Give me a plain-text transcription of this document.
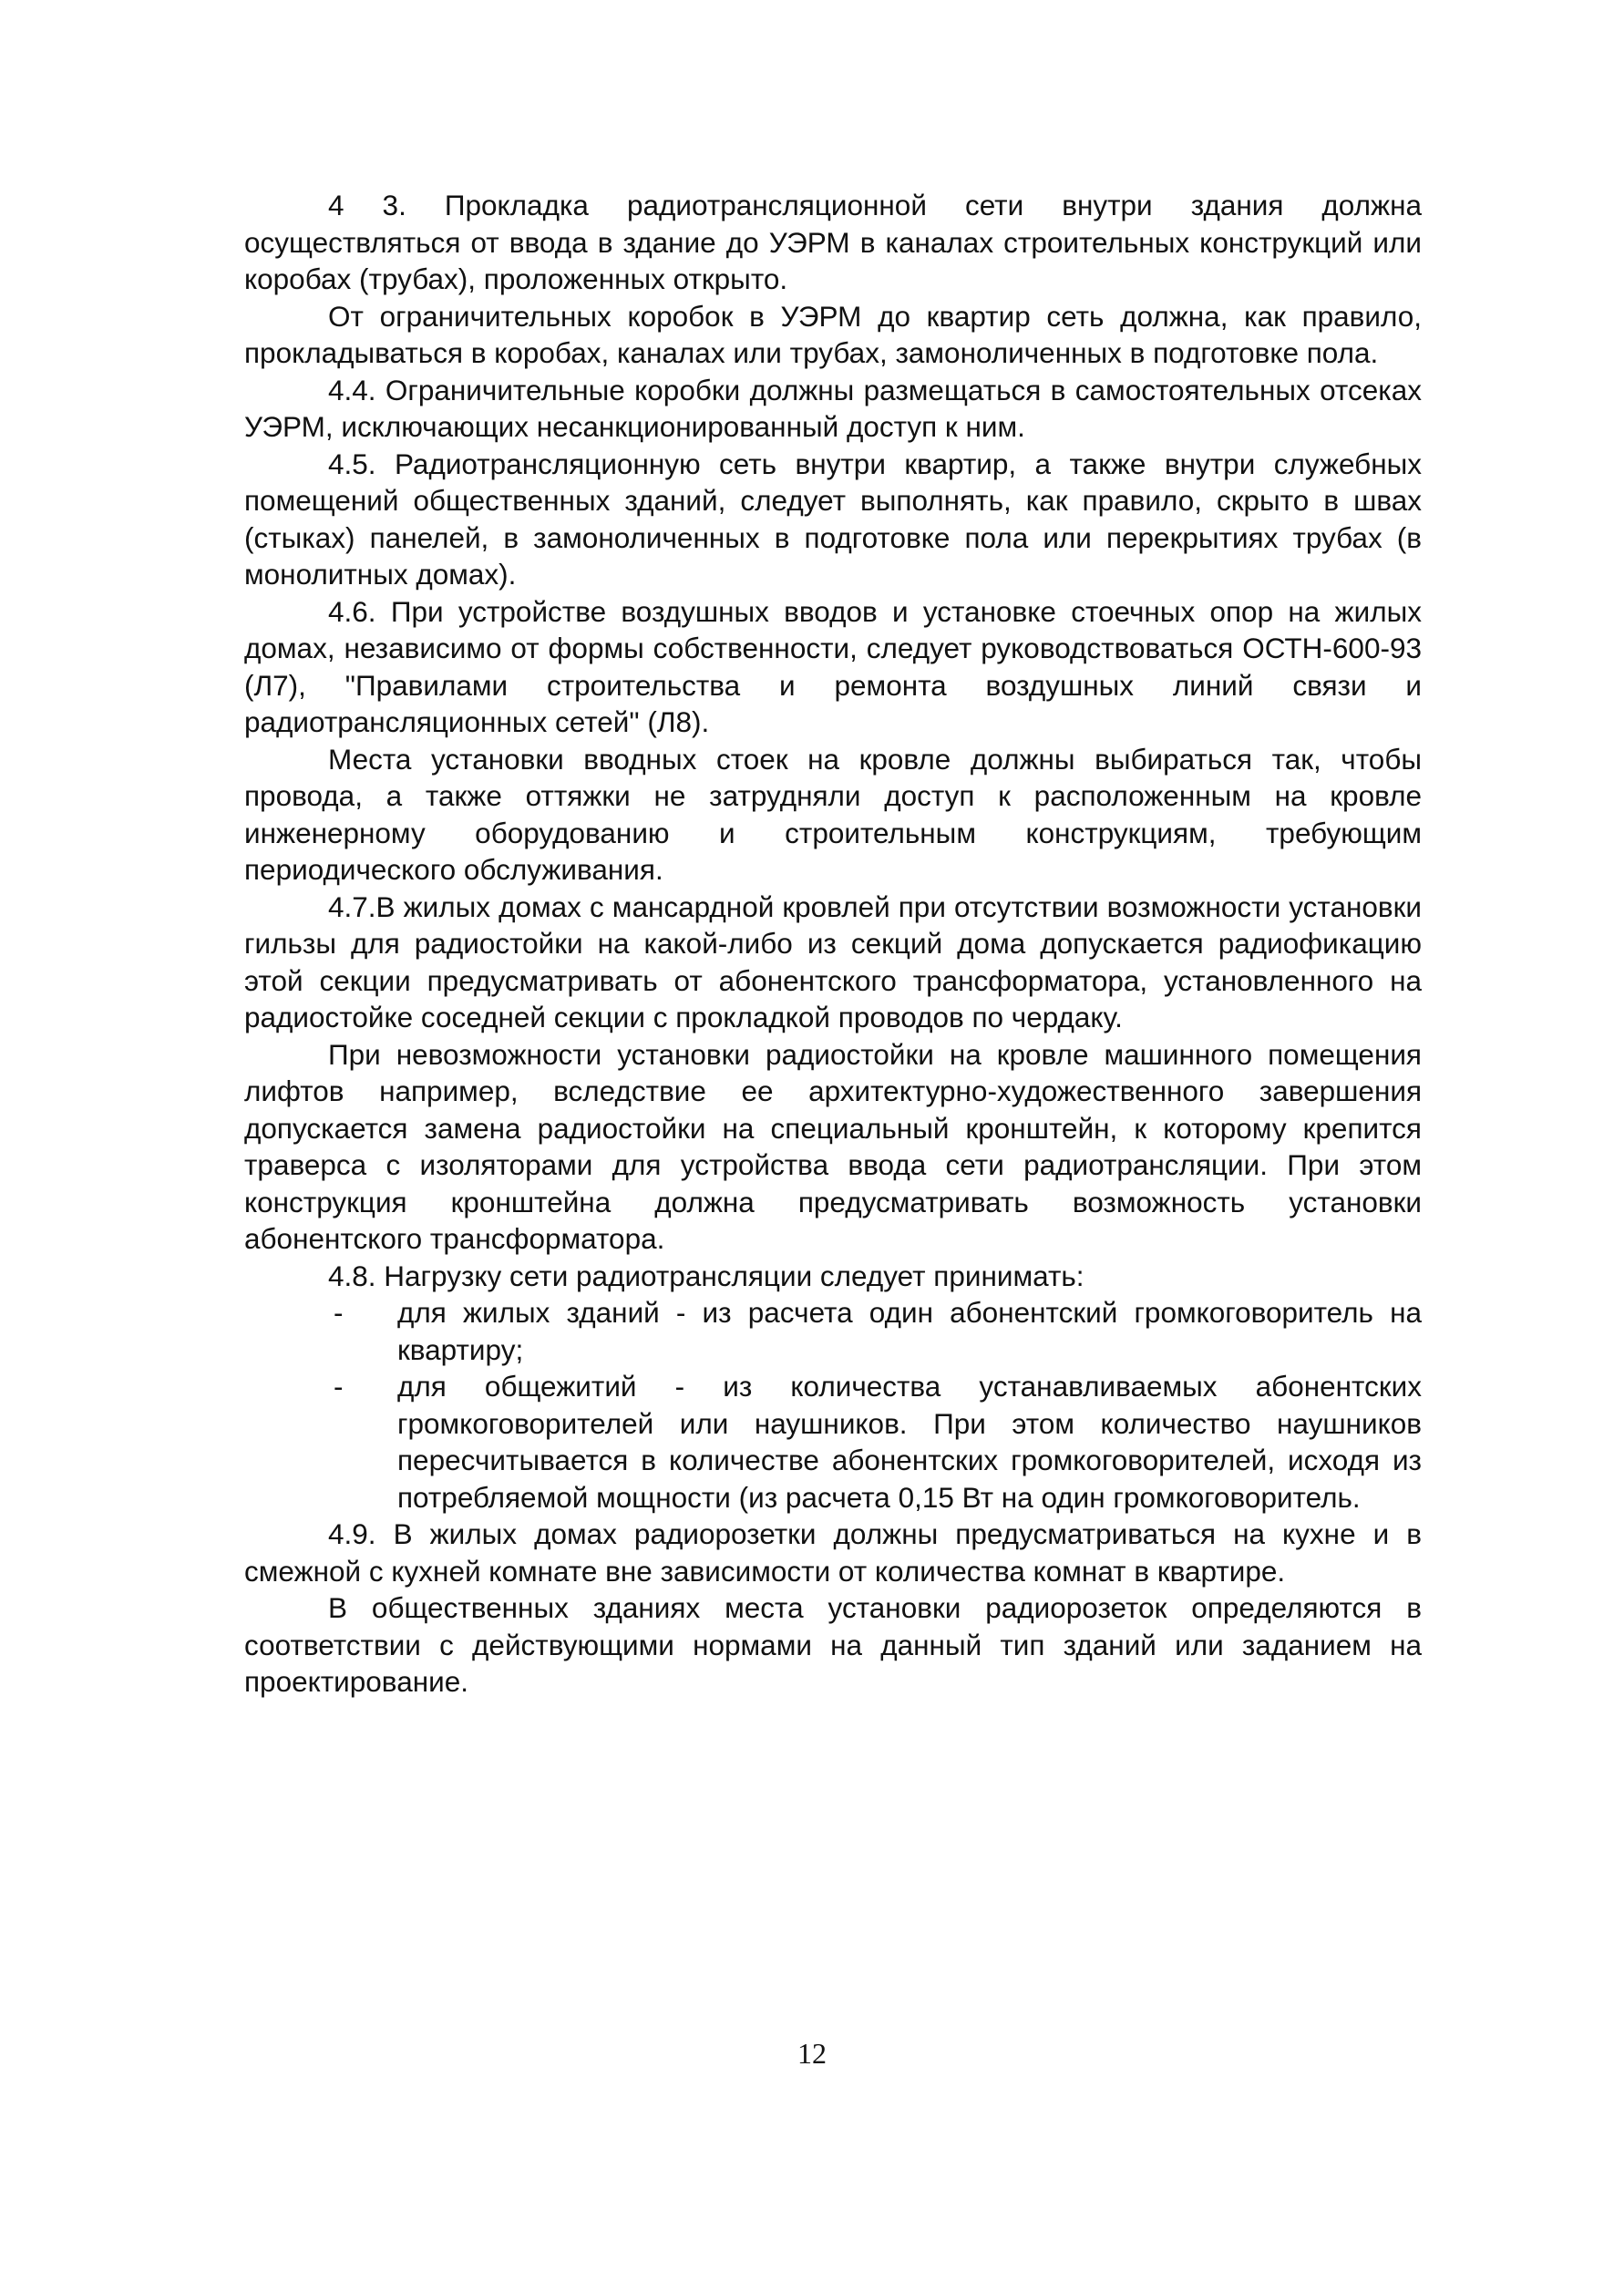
4 3. Прокладка радиотрансляционной сети внутри здания должна осуществляться от ввода в здание до УЭРМ в каналах строительных конструкций или коробах (трубах), проложенных открыто.

От ограничительных коробок в УЭРМ до квартир сеть должна, как правило, прокладываться в коробах, каналах или трубах, замоноличенных в подготовке пола.

4.4. Ограничительные коробки должны размещаться в самостоятельных отсеках УЭРМ, исключающих несанкционированный доступ к ним.

4.5. Радиотрансляционную сеть внутри квартир, а также внутри служебных помещений общественных зданий, следует выполнять, как правило, скрыто в швах (стыках) панелей, в замоноличенных в подготовке пола или перекрытиях трубах (в монолитных домах).

4.6. При устройстве воздушных вводов и установке стоечных опор на жилых домах, независимо от формы собственности, следует руководствоваться ОСТН-600-93 (Л7), "Правилами строительства и ремонта воздушных линий связи и радиотрансляционных сетей" (Л8).

Места установки вводных стоек на кровле должны выбираться так, чтобы провода, а также оттяжки не затрудняли доступ к расположенным на кровле инженерному оборудованию и строительным конструкциям, требующим периодического обслуживания.

4.7.В жилых домах с мансардной кровлей при отсутствии возможности установки гильзы для радиостойки на какой-либо из секций дома допускается радиофикацию этой секции предусматривать от абонентского трансформатора, установленного на радиостойке соседней секции с прокладкой проводов по чердаку.

При невозможности установки радиостойки на кровле машинного помещения лифтов например, вследствие ее архитектурно-художественного завершения допускается замена радиостойки на специальный кронштейн, к которому крепится траверса с изоляторами для устройства ввода сети радиотрансляции. При этом конструкция кронштейна должна предусматривать возможность установки абонентского трансформатора.

4.8. Нагрузку сети радиотрансляции следует принимать:

- для жилых зданий - из расчета один абонентский громкоговоритель на квартиру;
- для общежитий - из количества устанавливаемых абонентских громкоговорителей или наушников. При этом количество наушников пересчитывается в количестве абонентских громкоговорителей, исходя из потребляемой мощности (из расчета 0,15 Вт на один громкоговоритель.

4.9. В жилых домах радиорозетки должны предусматриваться на кухне и в смежной с кухней комнате вне зависимости от количества комнат в квартире.

В общественных зданиях места установки радиорозеток определяются в соответствии с действующими нормами на данный тип зданий или заданием на проектирование.

12
